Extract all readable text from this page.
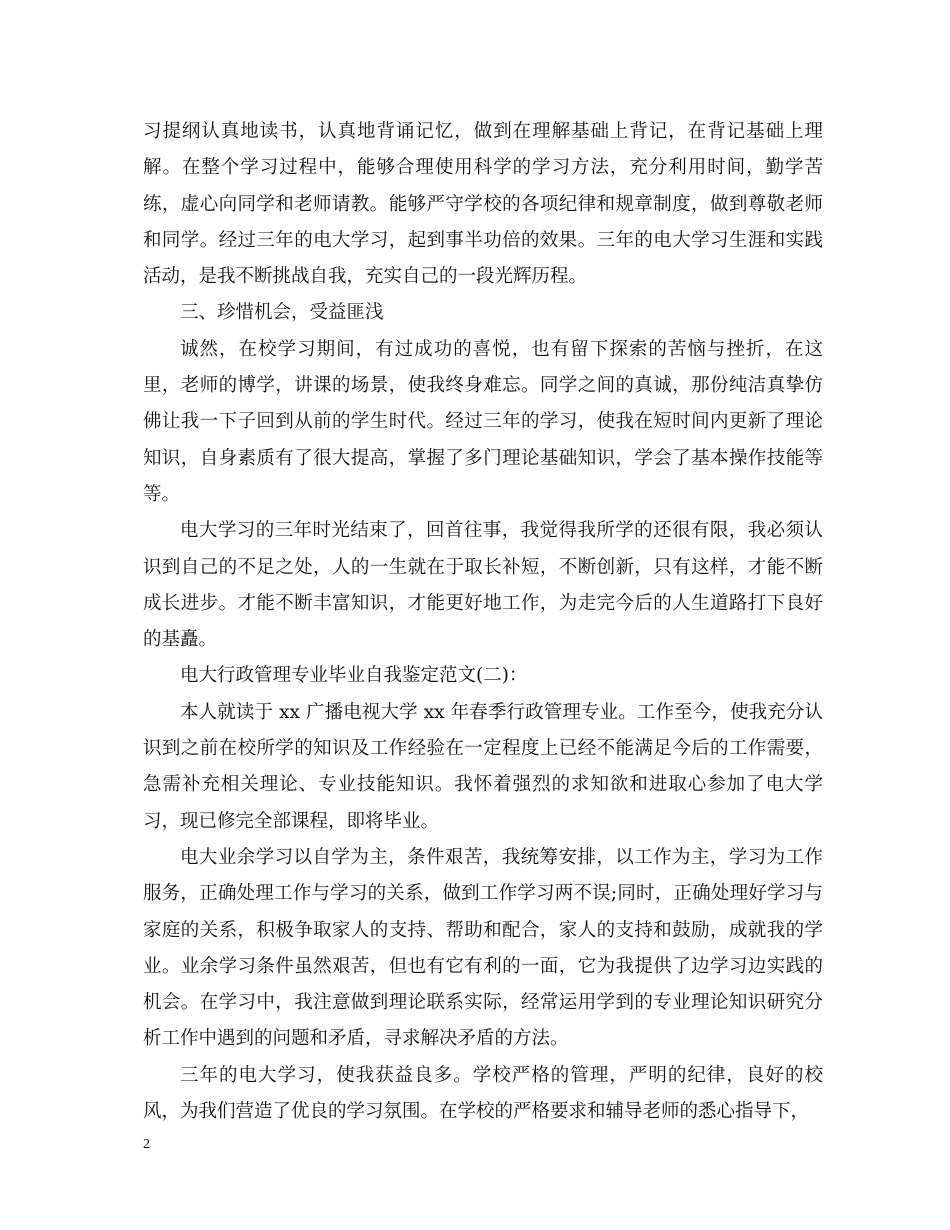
习提纲认真地读书，认真地背诵记忆，做到在理解基础上背记，在背记基础上理解。在整个学习过程中，能够合理使用科学的学习方法，充分利用时间，勤学苦练，虚心向同学和老师请教。能够严守学校的各项纪律和规章制度，做到尊敬老师和同学。经过三年的电大学习，起到事半功倍的效果。三年的电大学习生涯和实践活动，是我不断挑战自我，充实自己的一段光辉历程。

三、珍惜机会，受益匪浅

诚然，在校学习期间，有过成功的喜悦，也有留下探索的苦恼与挫折，在这里，老师的博学，讲课的场景，使我终身难忘。同学之间的真诚，那份纯洁真挚仿佛让我一下子回到从前的学生时代。经过三年的学习，使我在短时间内更新了理论知识，自身素质有了很大提高，掌握了多门理论基础知识，学会了基本操作技能等等。

电大学习的三年时光结束了，回首往事，我觉得我所学的还很有限，我必须认识到自己的不足之处，人的一生就在于取长补短，不断创新，只有这样，才能不断成长进步。才能不断丰富知识，才能更好地工作，为走完今后的人生道路打下良好的基矗。

电大行政管理专业毕业自我鉴定范文(二)：

本人就读于 xx 广播电视大学 xx 年春季行政管理专业。工作至今，使我充分认识到之前在校所学的知识及工作经验在一定程度上已经不能满足今后的工作需要，急需补充相关理论、专业技能知识。我怀着强烈的求知欲和进取心参加了电大学习，现已修完全部课程，即将毕业。

电大业余学习以自学为主，条件艰苦，我统筹安排，以工作为主，学习为工作服务，正确处理工作与学习的关系，做到工作学习两不误;同时，正确处理好学习与家庭的关系，积极争取家人的支持、帮助和配合，家人的支持和鼓励，成就我的学业。业余学习条件虽然艰苦，但也有它有利的一面，它为我提供了边学习边实践的机会。在学习中，我注意做到理论联系实际，经常运用学到的专业理论知识研究分析工作中遇到的问题和矛盾，寻求解决矛盾的方法。

三年的电大学习，使我获益良多。学校严格的管理，严明的纪律，良好的校风，为我们营造了优良的学习氛围。在学校的严格要求和辅导老师的悉心指导下，

2
